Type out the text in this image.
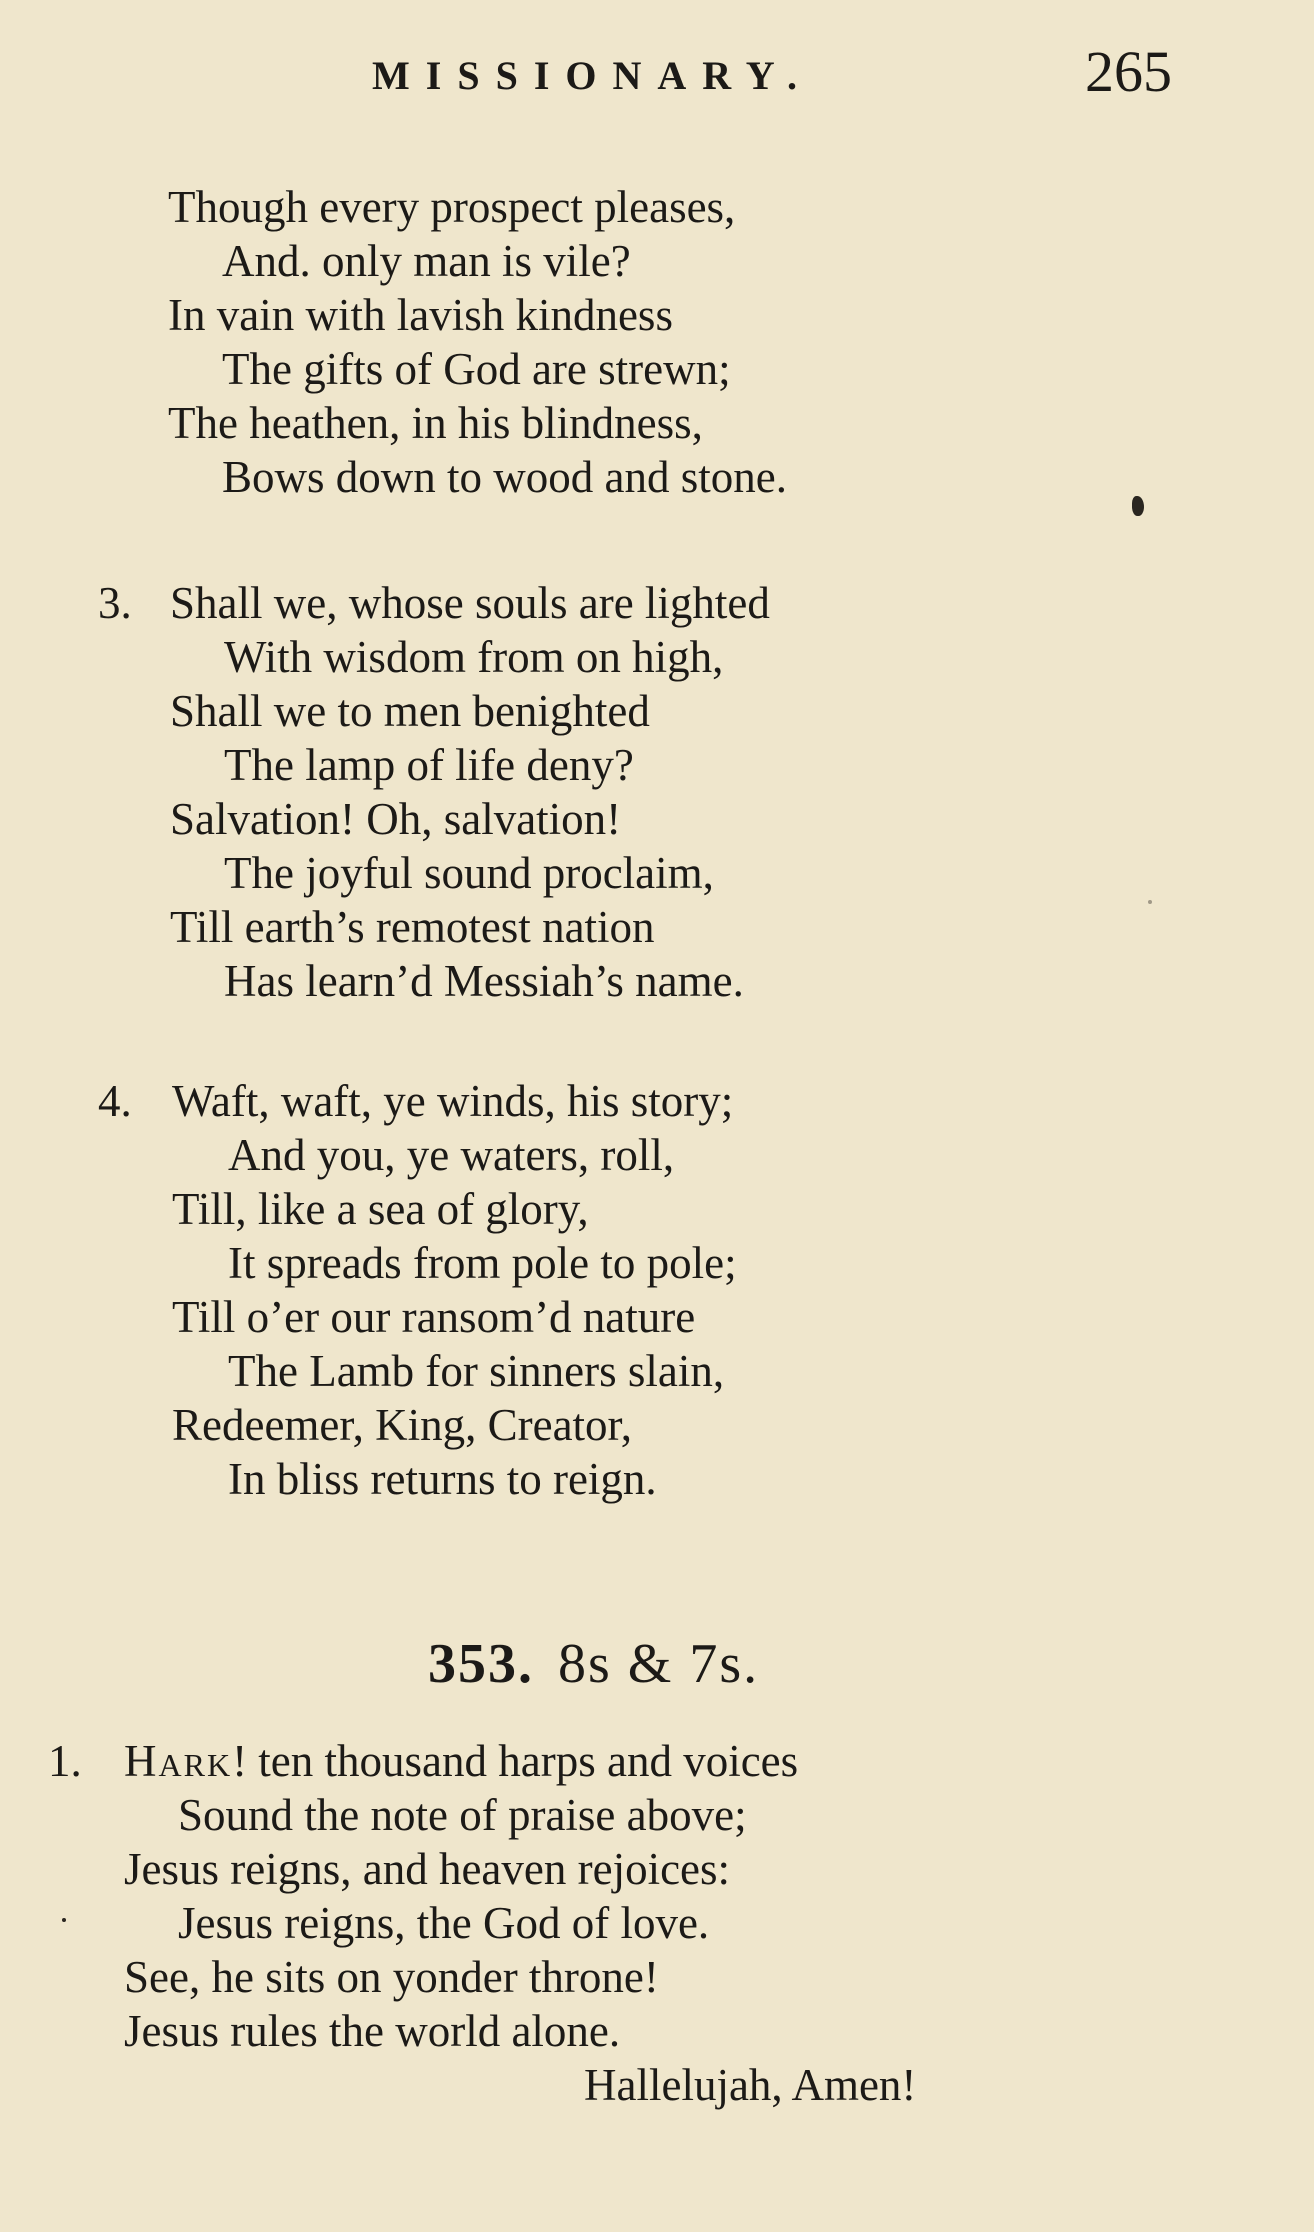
MISSIONARY.	265
Though every prospect pleases,
And. only man is vile?
In vain with lavish kindness
The gifts of God are strewn;
The heathen, in his blindness,
Bows down to wood and stone.
3. Shall we, whose souls are lighted
With wisdom from on high,
Shall we to men benighted
The lamp of life deny?
Salvation! Oh, salvation!
The joyful sound proclaim,
Till earth’s remotest nation
Has learn’d Messiah’s name.
4. Waft, waft, ye winds, his story;
And you, ye waters, roll,
Till, like a sea of glory,
It spreads from pole to pole;
Till o’er our ransom’d nature
The Lamb for sinners slain,
Redeemer, King, Creator,
In bliss returns to reign.
353. 8s & 7s.
1. Hark! ten thousand harps and voices
Sound the note of praise above;
Jesus reigns, and heaven rejoices:
Jesus reigns, the God of love.
See, he sits on yonder throne!
Jesus rules the world alone.
Hallelujah, Amen!
